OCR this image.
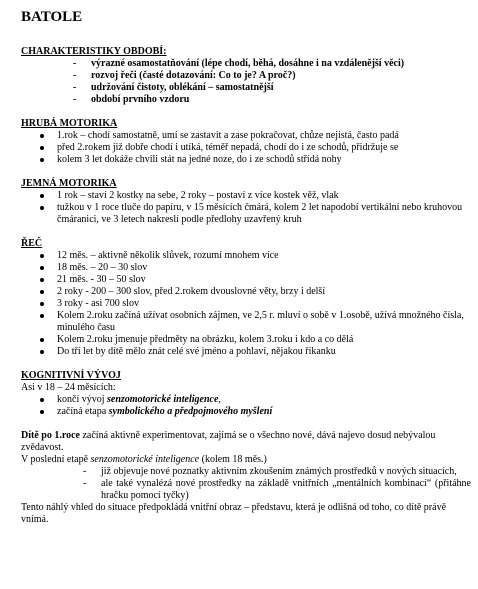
BATOLE

CHARAKTERISTIKY OBDOBÍ:

- výrazné osamostatňování (lépe chodí, běhá, dosáhne i na vzdálenější věci)
- rozvoj řeči (časté dotazování: Co to je? A proč?)
- udržování čistoty, oblékání – samostatnější
- období prvního vzdoru

HRUBÁ MOTORIKA

1.rok – chodí samostatně, umí se zastavit a zase pokračovat, chůze nejistá, často padá
před 2.rokem již dobře chodí i utíká, téměř nepadá, chodí do i ze schodů, přidržuje se
kolem 3 let dokáže chvíli stát na jedné noze, do i ze schodů střídá nohy

JEMNÁ MOTORIKA

1 rok – staví 2 kostky na sebe, 2 roky – postaví z více kostek věž, vlak
tužkou v 1 roce tluče do papíru, v 15 měsících čmárá, kolem 2 let napodobí vertikální nebo kruhovou čmáranici, ve 3 letech nakreslí podle předlohy uzavřený kruh

ŘEČ

12 měs. – aktivně několik slůvek, rozumí mnohem více
18 měs. – 20 – 30 slov
21 měs. - 30 – 50 slov
2 roky - 200 – 300 slov, před 2.rokem dvouslovné věty, brzy i delší
3 roky - asi 700 slov
Kolem 2.roku začíná užívat osobních zájmen, ve 2,5 r. mluví o sobě v 1.osobě, užívá množného čísla, minulého času
Kolem 2.roku jmenuje předměty na obrázku, kolem 3.roku i kdo a co dělá
Do tří let by dítě mělo znát celé své jméno a pohlaví, nějakou říkanku

KOGNITIVNÍ VÝVOJ

Asi v 18 – 24 měsících:

končí vývoj senzomotorické inteligence,
začíná etapa symbolického a předpojmového myšlení

Dítě po 1.roce začíná aktivně experimentovat, zajímá se o všechno nové, dává najevo dosud nebývalou zvědavost.

V poslední etapě senzomotorické inteligence (kolem 18 měs.)

- již objevuje nové poznatky aktivním zkoušením známých prostředků v nových situacích,
- ale také vynalézá nové prostředky na základě vnitřních „mentálních kombinací“ (přitáhne hračku pomocí tyčky)

Tento náhlý vhled do situace předpokládá vnitřní obraz – představu, která je odlišná od toho, co dítě právě vnímá.
